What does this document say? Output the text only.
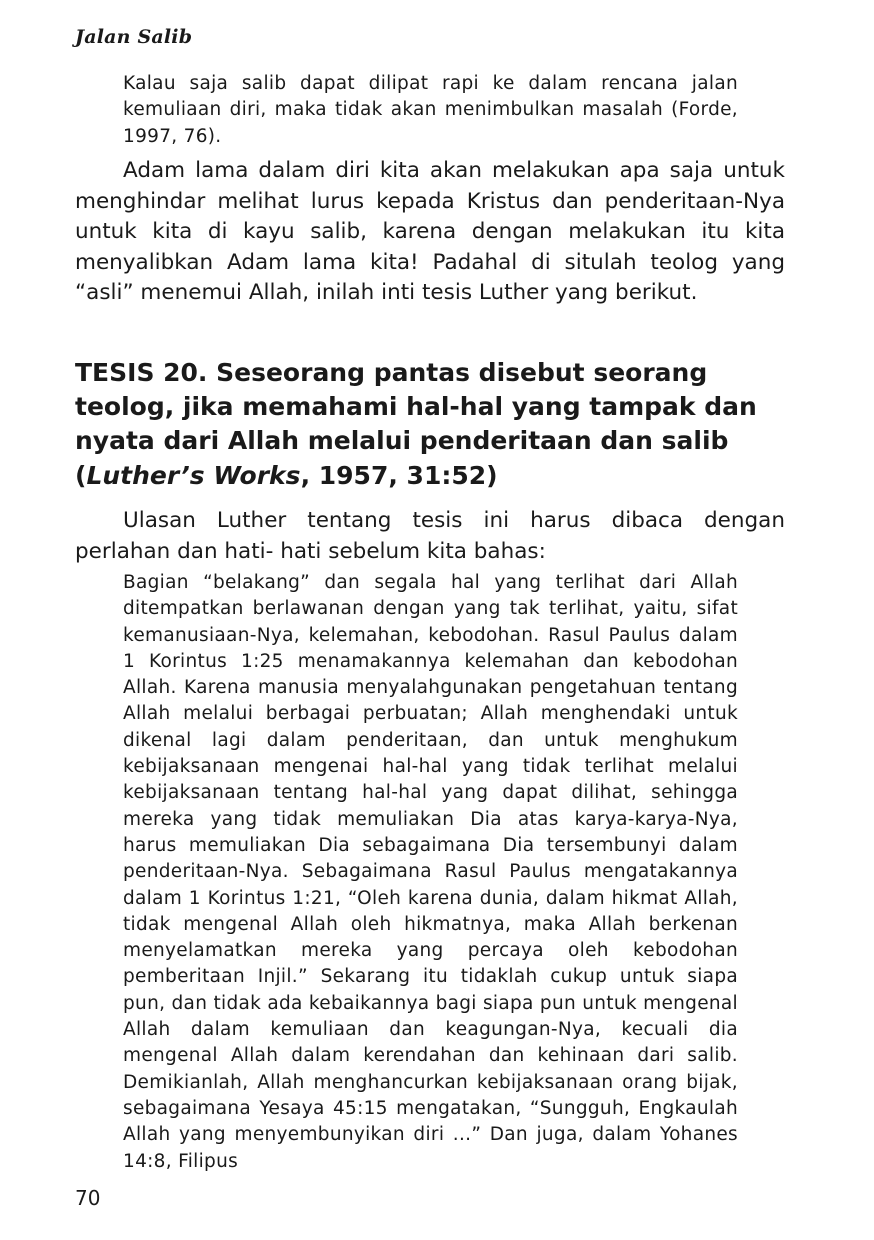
Jalan Salib
Kalau saja salib dapat dilipat rapi ke dalam rencana jalan kemuliaan diri, maka tidak akan menimbulkan masalah (Forde, 1997, 76).

Adam lama dalam diri kita akan melakukan apa saja untuk menghindar melihat lurus kepada Kristus dan penderitaan-Nya untuk kita di kayu salib, karena dengan melakukan itu kita menyalibkan Adam lama kita! Padahal di situlah teolog yang “asli” menemui Allah, inilah inti tesis Luther yang berikut.

TESIS 20. Seseorang pantas disebut seorang teolog, jika memahami hal-hal yang tampak dan nyata dari Allah melalui penderitaan dan salib (Luther’s Works, 1957, 31:52)

Ulasan Luther tentang tesis ini harus dibaca dengan perlahan dan hati- hati sebelum kita bahas:

Bagian “belakang” dan segala hal yang terlihat dari Allah ditempatkan berlawanan dengan yang tak terlihat, yaitu, sifat kemanusiaan-Nya, kelemahan, kebodohan. Rasul Paulus dalam 1 Korintus 1:25 menamakannya kelemahan dan kebodohan Allah. Karena manusia menyalahgunakan pengetahuan tentang Allah melalui berbagai perbuatan; Allah menghendaki untuk dikenal lagi dalam penderitaan, dan untuk menghukum kebijaksanaan mengenai hal-hal yang tidak terlihat melalui kebijaksanaan tentang hal-hal yang dapat dilihat, sehingga mereka yang tidak memuliakan Dia atas karya-karya-Nya, harus memuliakan Dia sebagaimana Dia tersembunyi dalam penderitaan-Nya. Sebagaimana Rasul Paulus mengatakannya dalam 1 Korintus 1:21, “Oleh karena dunia, dalam hikmat Allah, tidak mengenal Allah oleh hikmatnya, maka Allah berkenan menyelamatkan mereka yang percaya oleh kebodohan pemberitaan Injil.” Sekarang itu tidaklah cukup untuk siapa pun, dan tidak ada kebaikannya bagi siapa pun untuk mengenal Allah dalam kemuliaan dan keagungan-Nya, kecuali dia mengenal Allah dalam kerendahan dan kehinaan dari salib. Demikianlah, Allah menghancurkan kebijaksanaan orang bijak, sebagaimana Yesaya 45:15 mengatakan, “Sungguh, Engkaulah Allah yang menyembunyikan diri ...” Dan juga, dalam Yohanes 14:8, Filipus
70
